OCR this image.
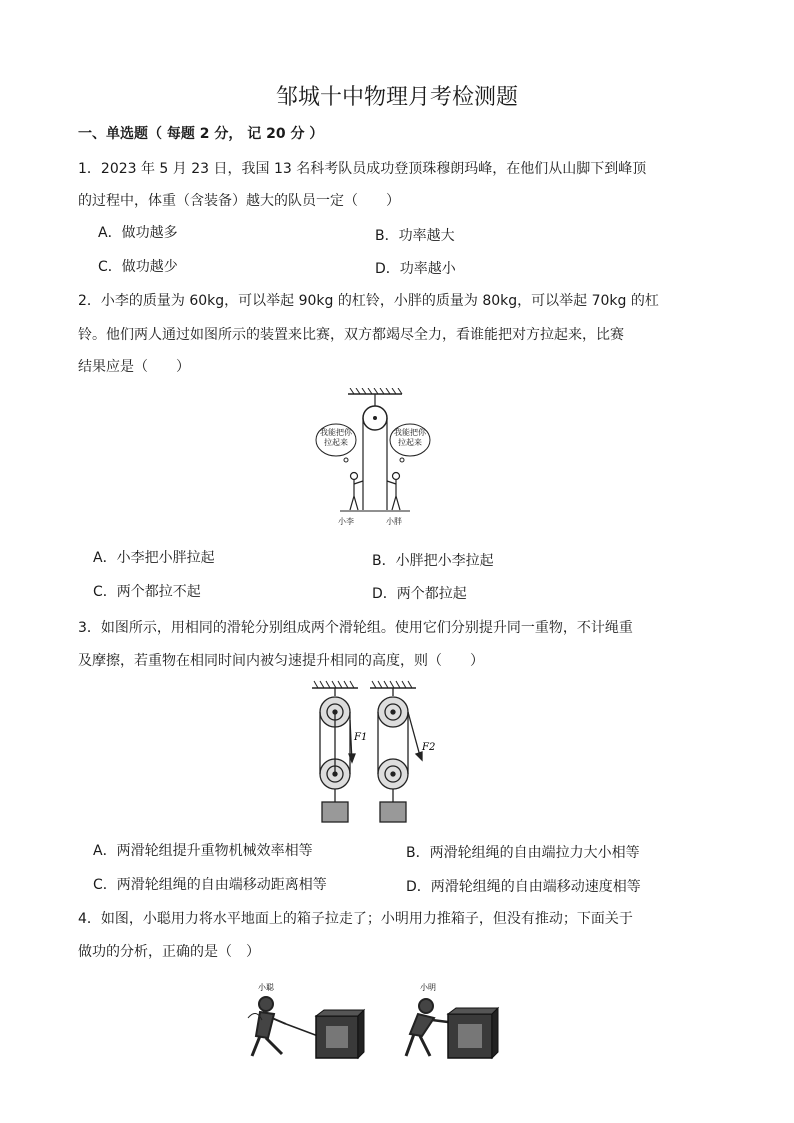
邹城十中物理月考检测题
一、单选题（ 每题 2 分， 记 20 分 ）
1．2023 年 5 月 23 日，我国 13 名科考队员成功登顶珠穆朗玛峰，在他们从山脚下到峰顶
的过程中，体重（含装备）越大的队员一定（　　）
A．做功越多	B．功率越大
C．做功越少	D．功率越小
2．小李的质量为 60kg，可以举起 90kg 的杠铃，小胖的质量为 80kg，可以举起 70kg 的杠
铃。他们两人通过如图所示的装置来比赛，双方都竭尽全力，看谁能把对方拉起来，比赛
结果应是（　　）
我能把你拉起来
我能把你拉起来
小李	小胖
A．小李把小胖拉起	B．小胖把小李拉起
C．两个都拉不起	D．两个都拉起
3．如图所示，用相同的滑轮分别组成两个滑轮组。使用它们分别提升同一重物，不计绳重
及摩擦，若重物在相同时间内被匀速提升相同的高度，则（　　）
F1
F2
A．两滑轮组提升重物机械效率相等	B．两滑轮组绳的自由端拉力大小相等
C．两滑轮组绳的自由端移动距离相等	D．两滑轮组绳的自由端移动速度相等
4．如图，小聪用力将水平地面上的箱子拉走了；小明用力推箱子，但没有推动；下面关于
做功的分析，正确的是（　）
小聪	小明
